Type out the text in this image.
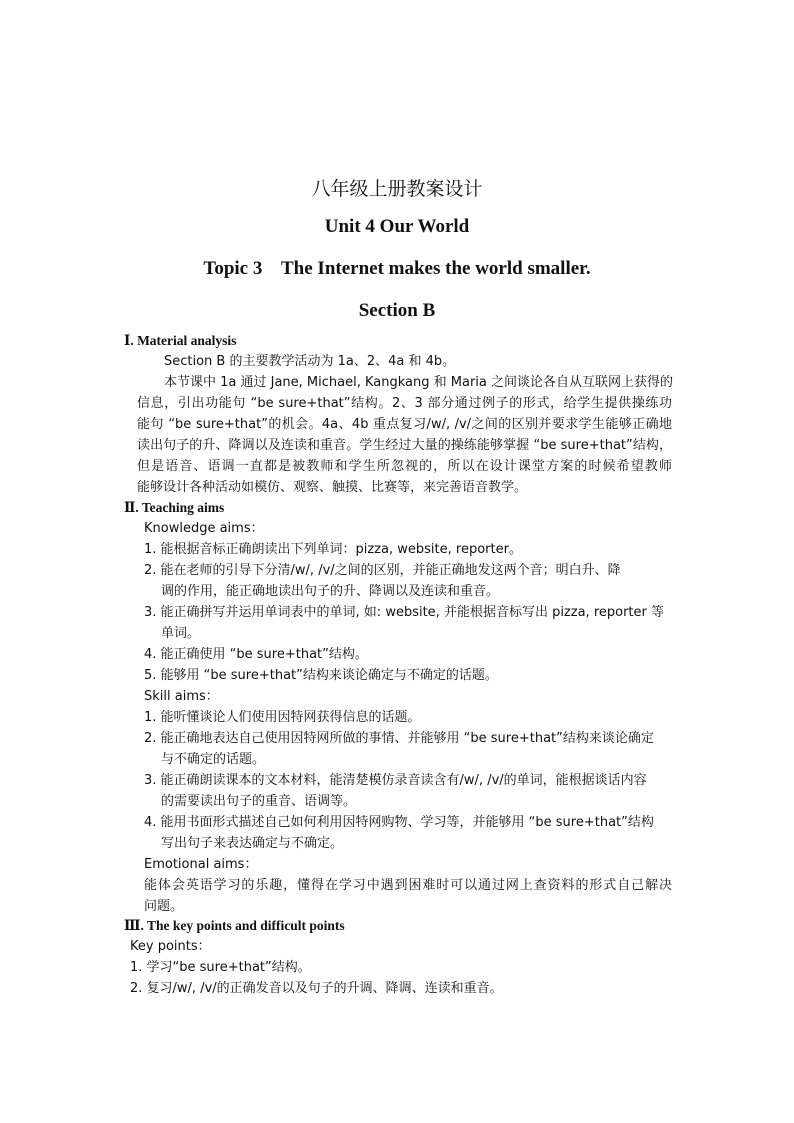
八年级上册教案设计
Unit 4 Our World
Topic 3    The Internet makes the world smaller.
Section B
Ⅰ. Material analysis
Section B 的主要教学活动为 1a、2、4a 和 4b。
本节课中 1a 通过 Jane, Michael, Kangkang 和 Maria 之间谈论各自从互联网上获得的
信息，引出功能句 “be sure+that”结构。2、3 部分通过例子的形式，给学生提供操练功
能句 “be sure+that”的机会。4a、4b 重点复习/w/, /v/之间的区别并要求学生能够正确地
读出句子的升、降调以及连读和重音。学生经过大量的操练能够掌握 “be sure+that”结构，
但是语音、语调一直都是被教师和学生所忽视的，所以在设计课堂方案的时候希望教师
能够设计各种活动如模仿、观察、触摸、比赛等，来完善语音教学。
Ⅱ. Teaching aims
Knowledge aims：
1. 能根据音标正确朗读出下列单词：pizza, website, reporter。
2. 能在老师的引导下分清/w/, /v/之间的区别，并能正确地发这两个音；明白升、降
调的作用，能正确地读出句子的升、降调以及连读和重音。
3. 能正确拼写并运用单词表中的单词, 如: website, 并能根据音标写出 pizza, reporter 等
单词。
4. 能正确使用 “be sure+that”结构。
5. 能够用 “be sure+that”结构来谈论确定与不确定的话题。
Skill aims：
1. 能听懂谈论人们使用因特网获得信息的话题。
2. 能正确地表达自己使用因特网所做的事情、并能够用 “be sure+that”结构来谈论确定
与不确定的话题。
3. 能正确朗读课本的文本材料，能清楚模仿录音读含有/w/, /v/的单词，能根据谈话内容
的需要读出句子的重音、语调等。
4. 能用书面形式描述自己如何利用因特网购物、学习等，并能够用 “be sure+that”结构
写出句子来表达确定与不确定。
Emotional aims：
能体会英语学习的乐趣，懂得在学习中遇到困难时可以通过网上查资料的形式自己解决
问题。
Ⅲ. The key points and difficult points
Key points：
1. 学习“be sure+that”结构。
2. 复习/w/, /v/的正确发音以及句子的升调、降调、连读和重音。
